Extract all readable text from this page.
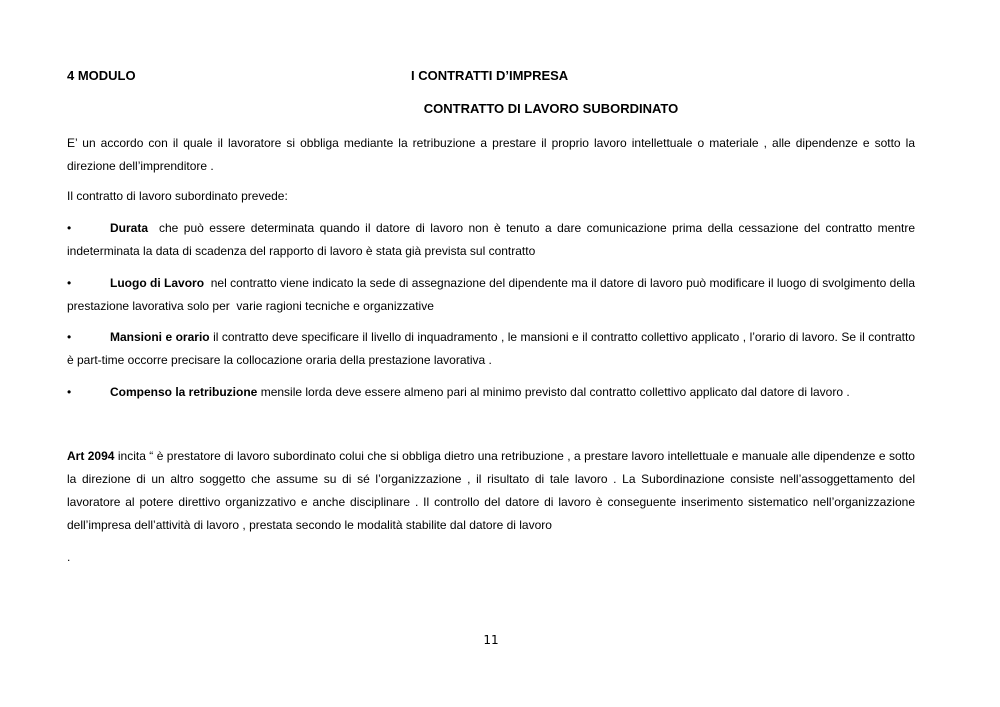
4 MODULO	I CONTRATTI D’IMPRESA
CONTRATTO DI LAVORO SUBORDINATO

E’ un accordo con il quale il lavoratore si obbliga mediante la retribuzione a prestare il proprio lavoro intellettuale o materiale , alle dipendenze e sotto la direzione dell’imprenditore .

Il contratto di lavoro subordinato prevede:

•	Durata  che può essere determinata quando il datore di lavoro non è tenuto a dare comunicazione prima della cessazione del contratto mentre indeterminata la data di scadenza del rapporto di lavoro è stata già prevista sul contratto

•	Luogo di Lavoro  nel contratto viene indicato la sede di assegnazione del dipendente ma il datore di lavoro può modificare il luogo di svolgimento della prestazione lavorativa solo per  varie ragioni tecniche e organizzative

•	Mansioni e orario il contratto deve specificare il livello di inquadramento , le mansioni e il contratto collettivo applicato , l’orario di lavoro. Se il contratto è part-time occorre precisare la collocazione oraria della prestazione lavorativa .

•	Compenso la retribuzione mensile lorda deve essere almeno pari al minimo previsto dal contratto collettivo applicato dal datore di lavoro .

Art 2094 incita “ è prestatore di lavoro subordinato colui che si obbliga dietro una retribuzione , a prestare lavoro intellettuale e manuale alle dipendenze e sotto la direzione di un altro soggetto che assume su di sé l’organizzazione , il risultato di tale lavoro . La Subordinazione consiste nell’assoggettamento del lavoratore al potere direttivo organizzativo e anche disciplinare . Il controllo del datore di lavoro è conseguente inserimento sistematico nell’organizzazione dell’impresa dell’attività di lavoro , prestata secondo le modalità stabilite dal datore di lavoro

.

11
